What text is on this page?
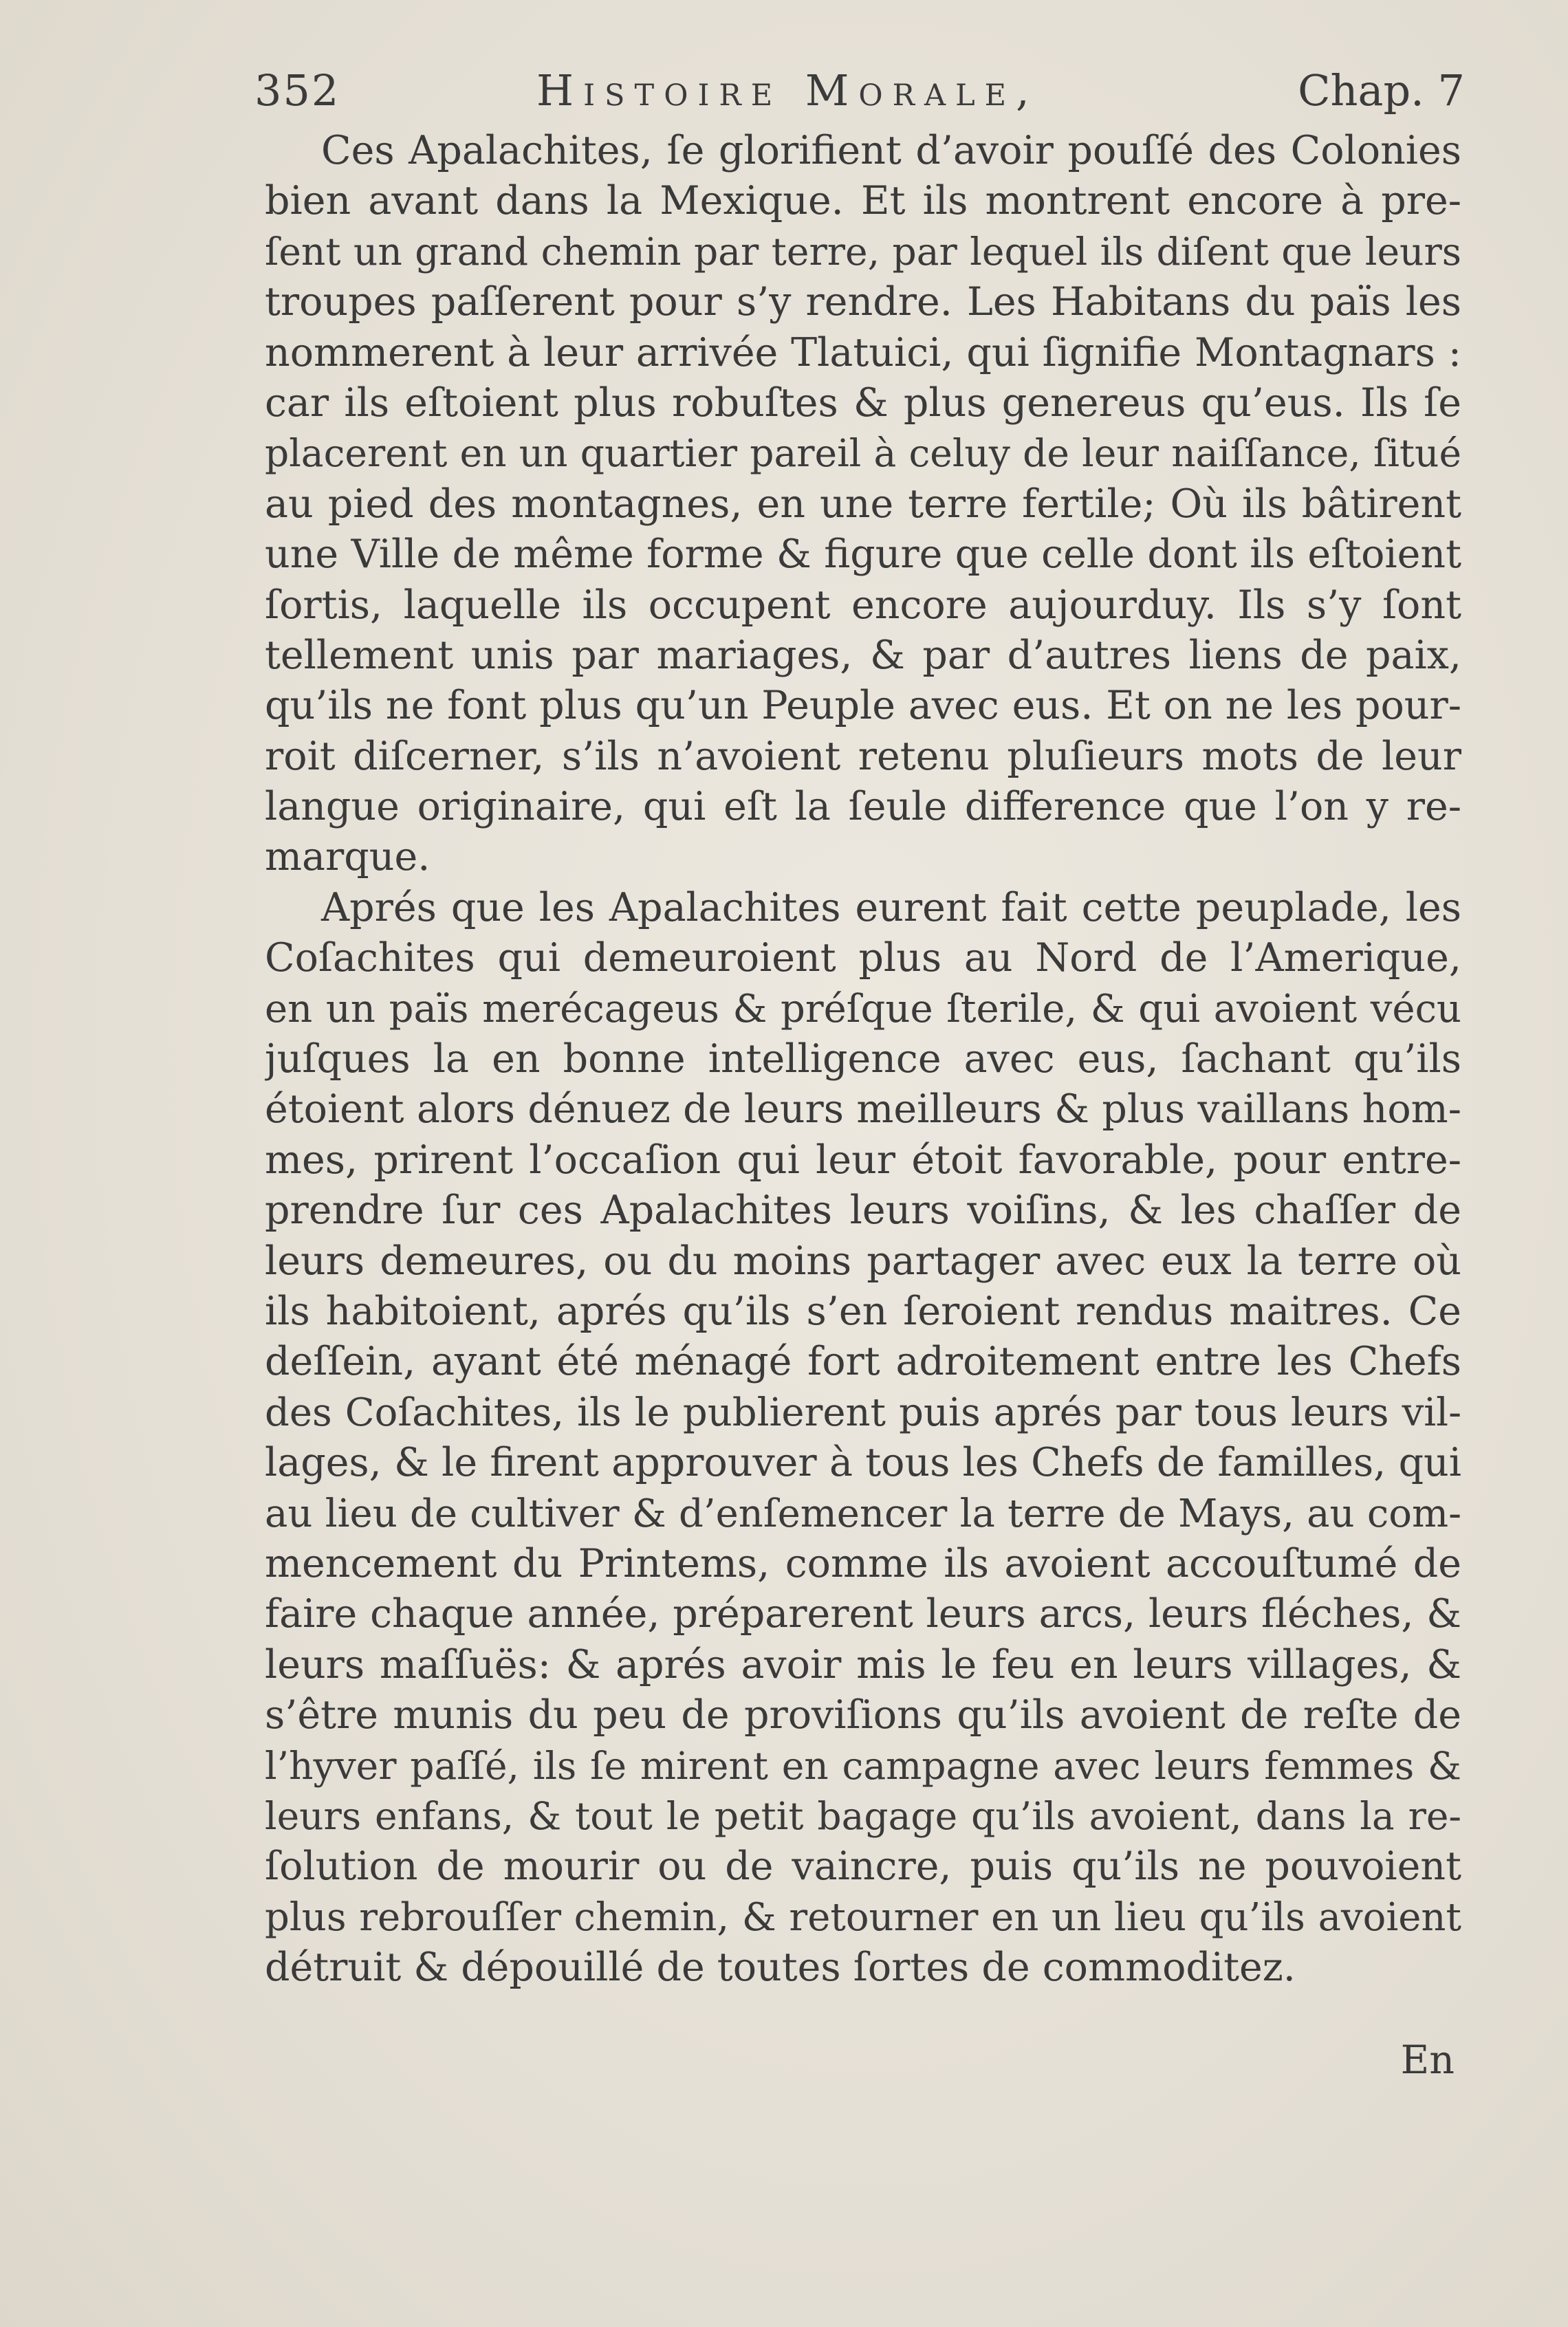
352	Histoire Morale,	Chap. 7
Ces Apalachites, ſe glorifient d’avoir pouſſé des Colonies
bien avant dans la Mexique. Et ils montrent encore à pre-
ſent un grand chemin par terre, par lequel ils diſent que leurs
troupes paſſerent pour s’y rendre. Les Habitans du païs les
nommerent à leur arrivée Tlatuici, qui ſignifie Montagnars :
car ils eſtoient plus robuſtes & plus genereus qu’eus. Ils ſe
placerent en un quartier pareil à celuy de leur naiſſance, ſitué
au pied des montagnes, en une terre fertile; Où ils bâtirent
une Ville de même forme & figure que celle dont ils eſtoient
ſortis, laquelle ils occupent encore aujourduy. Ils s’y ſont
tellement unis par mariages, & par d’autres liens de paix,
qu’ils ne font plus qu’un Peuple avec eus. Et on ne les pour-
roit diſcerner, s’ils n’avoient retenu pluſieurs mots de leur
langue originaire, qui eſt la ſeule difference que l’on y re-
marque.
Aprés que les Apalachites eurent fait cette peuplade, les
Coſachites qui demeuroient plus au Nord de l’Amerique,
en un païs merécageus & préſque ſterile, & qui avoient vécu
juſques la en bonne intelligence avec eus, ſachant qu’ils
étoient alors dénuez de leurs meilleurs & plus vaillans hom-
mes, prirent l’occaſion qui leur étoit favorable, pour entre-
prendre ſur ces Apalachites leurs voiſins, & les chaſſer de
leurs demeures, ou du moins partager avec eux la terre où
ils habitoient, aprés qu’ils s’en ſeroient rendus maitres. Ce
deſſein, ayant été ménagé fort adroitement entre les Chefs
des Coſachites, ils le publierent puis aprés par tous leurs vil-
lages, & le firent approuver à tous les Chefs de familles, qui
au lieu de cultiver & d’enſemencer la terre de Mays, au com-
mencement du Printems, comme ils avoient accouſtumé de
faire chaque année, préparerent leurs arcs, leurs fléches, &
leurs maſſuës: & aprés avoir mis le feu en leurs villages, &
s’être munis du peu de proviſions qu’ils avoient de reſte de
l’hyver paſſé, ils ſe mirent en campagne avec leurs femmes &
leurs enfans, & tout le petit bagage qu’ils avoient, dans la re-
ſolution de mourir ou de vaincre, puis qu’ils ne pouvoient
plus rebrouſſer chemin, & retourner en un lieu qu’ils avoient
détruit & dépouillé de toutes ſortes de commoditez.
En
